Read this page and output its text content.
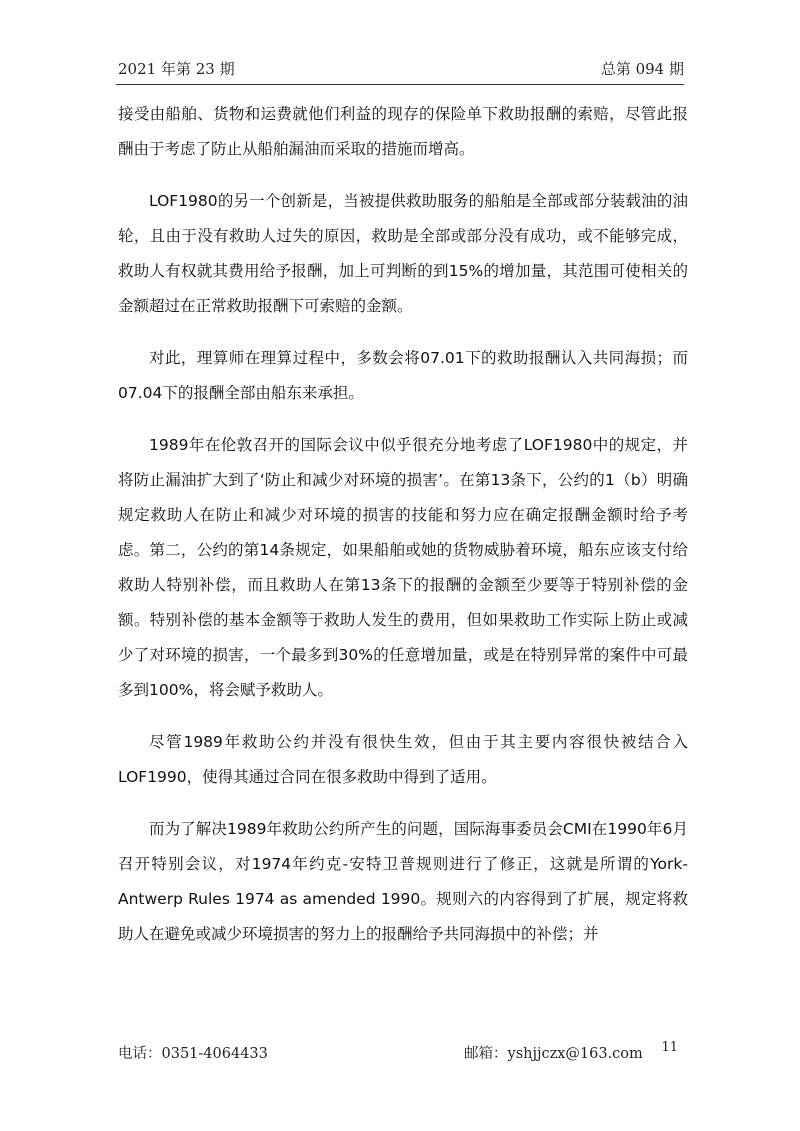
2021 年第 23 期	总第 094 期

接受由船舶、货物和运费就他们利益的现存的保险单下救助报酬的索赔，尽管此报酬由于考虑了防止从船舶漏油而采取的措施而增高。

LOF1980的另一个创新是，当被提供救助服务的船舶是全部或部分装载油的油轮，且由于没有救助人过失的原因，救助是全部或部分没有成功，或不能够完成，救助人有权就其费用给予报酬，加上可判断的到15%的增加量，其范围可使相关的金额超过在正常救助报酬下可索赔的金额。

对此，理算师在理算过程中，多数会将07.01下的救助报酬认入共同海损；而07.04下的报酬全部由船东来承担。

1989年在伦敦召开的国际会议中似乎很充分地考虑了LOF1980中的规定，并将防止漏油扩大到了‘防止和减少对环境的损害’。在第13条下，公约的1（b）明确规定救助人在防止和减少对环境的损害的技能和努力应在确定报酬金额时给予考虑。第二，公约的第14条规定，如果船舶或她的货物威胁着环境，船东应该支付给救助人特别补偿，而且救助人在第13条下的报酬的金额至少要等于特别补偿的金额。特别补偿的基本金额等于救助人发生的费用，但如果救助工作实际上防止或减少了对环境的损害，一个最多到30%的任意增加量，或是在特别异常的案件中可最多到100%，将会赋予救助人。

尽管1989年救助公约并没有很快生效，但由于其主要内容很快被结合入LOF1990，使得其通过合同在很多救助中得到了适用。

而为了解决1989年救助公约所产生的问题，国际海事委员会CMI在1990年6月召开特别会议，对1974年约克-安特卫普规则进行了修正，这就是所谓的York-Antwerp Rules 1974 as amended 1990。规则六的内容得到了扩展，规定将救助人在避免或减少环境损害的努力上的报酬给予共同海损中的补偿；并

电话：0351-4064433	邮箱：yshjjczx@163.com 11
